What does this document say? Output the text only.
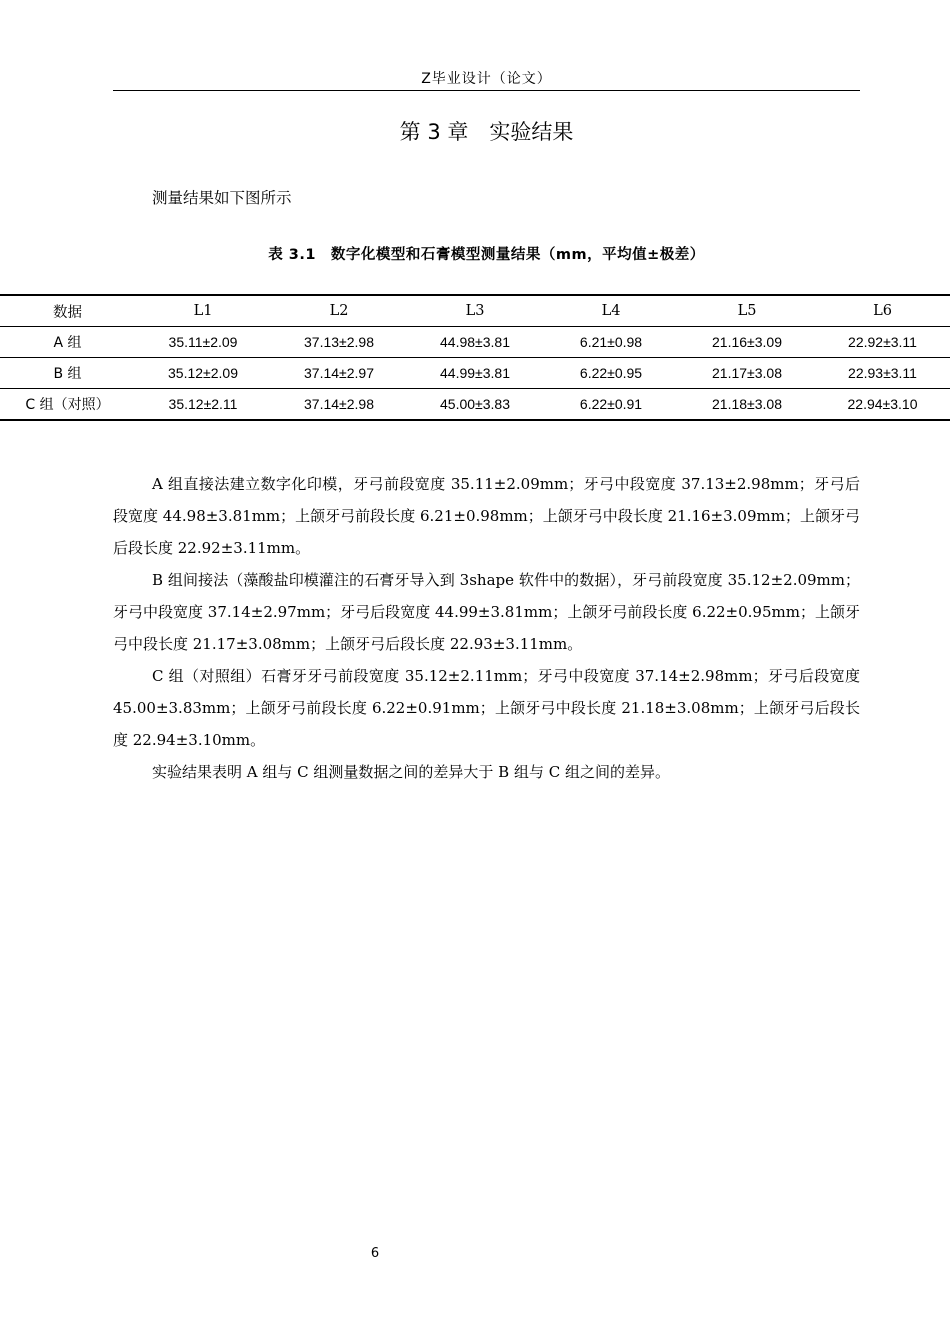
Z毕业设计（论文）
第 3 章　实验结果
测量结果如下图所示
表 3.1　数字化模型和石膏模型测量结果（mm，平均值±极差）
数据	L1	L2	L3	L4	L5	L6
A 组	35.11±2.09	37.13±2.98	44.98±3.81	6.21±0.98	21.16±3.09	22.92±3.11
B 组	35.12±2.09	37.14±2.97	44.99±3.81	6.22±0.95	21.17±3.08	22.93±3.11
C 组（对照）	35.12±2.11	37.14±2.98	45.00±3.83	6.22±0.91	21.18±3.08	22.94±3.10

A 组直接法建立数字化印模，牙弓前段宽度 35.11±2.09mm；牙弓中段宽度 37.13±2.98mm；牙弓后段宽度 44.98±3.81mm；上颌牙弓前段长度 6.21±0.98mm；上颌牙弓中段长度 21.16±3.09mm；上颌牙弓后段长度 22.92±3.11mm。

B 组间接法（藻酸盐印模灌注的石膏牙导入到 3shape 软件中的数据），牙弓前段宽度 35.12±2.09mm；牙弓中段宽度 37.14±2.97mm；牙弓后段宽度 44.99±3.81mm；上颌牙弓前段长度 6.22±0.95mm；上颌牙弓中段长度 21.17±3.08mm；上颌牙弓后段长度 22.93±3.11mm。

C 组（对照组）石膏牙牙弓前段宽度 35.12±2.11mm；牙弓中段宽度 37.14±2.98mm；牙弓后段宽度 45.00±3.83mm；上颌牙弓前段长度 6.22±0.91mm；上颌牙弓中段长度 21.18±3.08mm；上颌牙弓后段长度 22.94±3.10mm。

实验结果表明 A 组与 C 组测量数据之间的差异大于 B 组与 C 组之间的差异。

6
